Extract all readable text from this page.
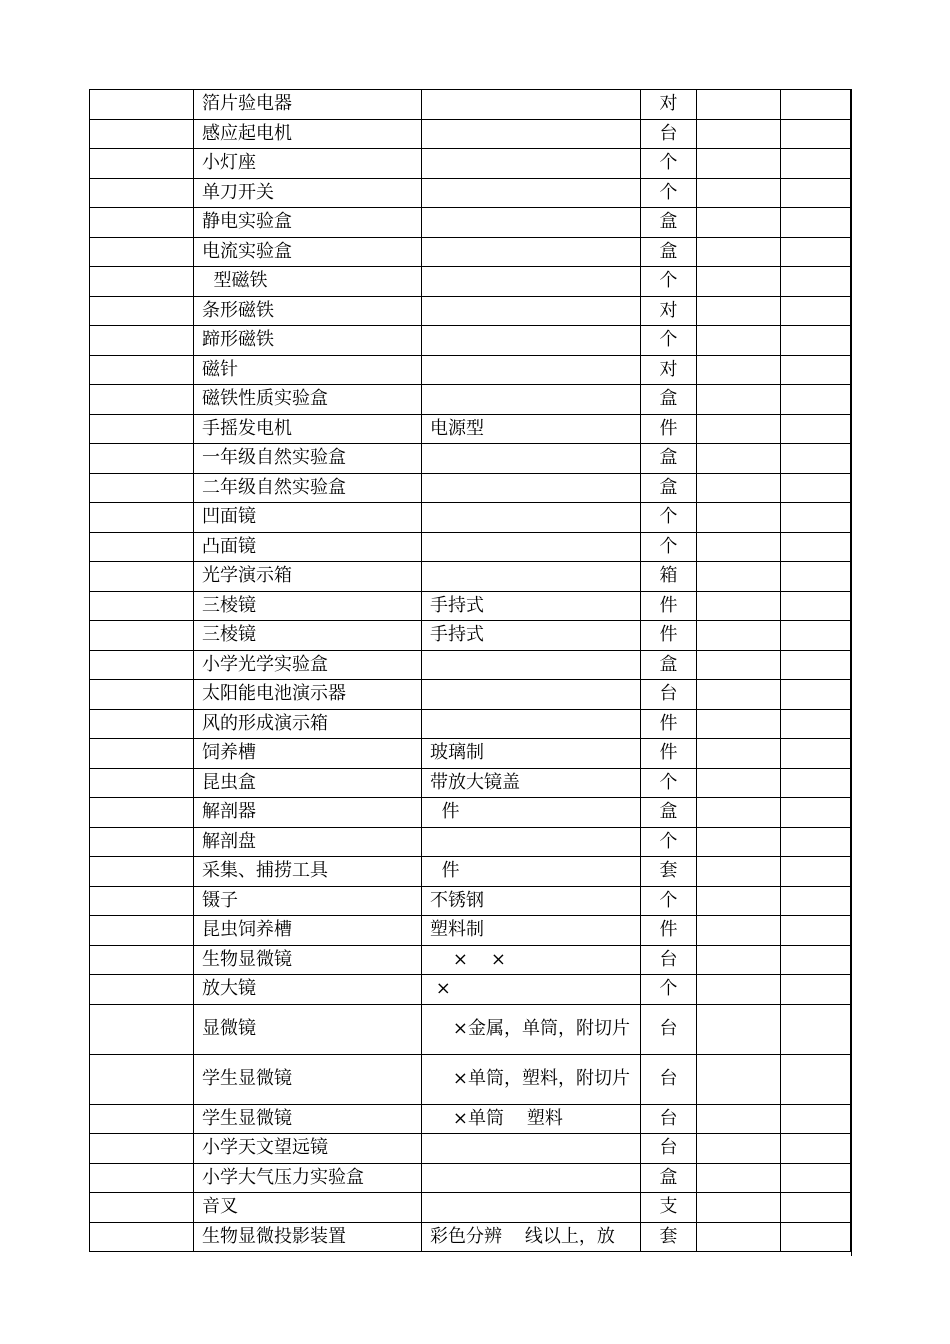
	箔片验电器		对		
	感应起电机		台		
	小灯座		个		
	单刀开关		个		
	静电实验盒		盒		
	电流实验盒		盒		
	型磁铁		个		
	条形磁铁		对		
	蹄形磁铁		个		
	磁针		对		
	磁铁性质实验盒		盒		
	手摇发电机	电源型	件		
	一年级自然实验盒		盒		
	二年级自然实验盒		盒		
	凹面镜		个		
	凸面镜		个		
	光学演示箱		箱		
	三棱镜	手持式	件		
	三棱镜	手持式	件		
	小学光学实验盒		盒		
	太阳能电池演示器		台		
	风的形成演示箱		件		
	饲养槽	玻璃制	件		
	昆虫盒	带放大镜盖	个		
	解剖器	件	盒		
	解剖盘		个		
	采集、捕捞工具	件	套		
	镊子	不锈钢	个		
	昆虫饲养槽	塑料制	件		
	生物显微镜	×    ×	台		
	放大镜	×	个		
	显微镜	×金属，单筒，附切片	台		
	学生显微镜	×单筒，塑料，附切片	台		
	学生显微镜	×单筒    塑料	台		
	小学天文望远镜		台		
	小学大气压力实验盒		盒		
	音叉		支		
	生物显微投影装置	彩色分辨    线以上，放	套		
